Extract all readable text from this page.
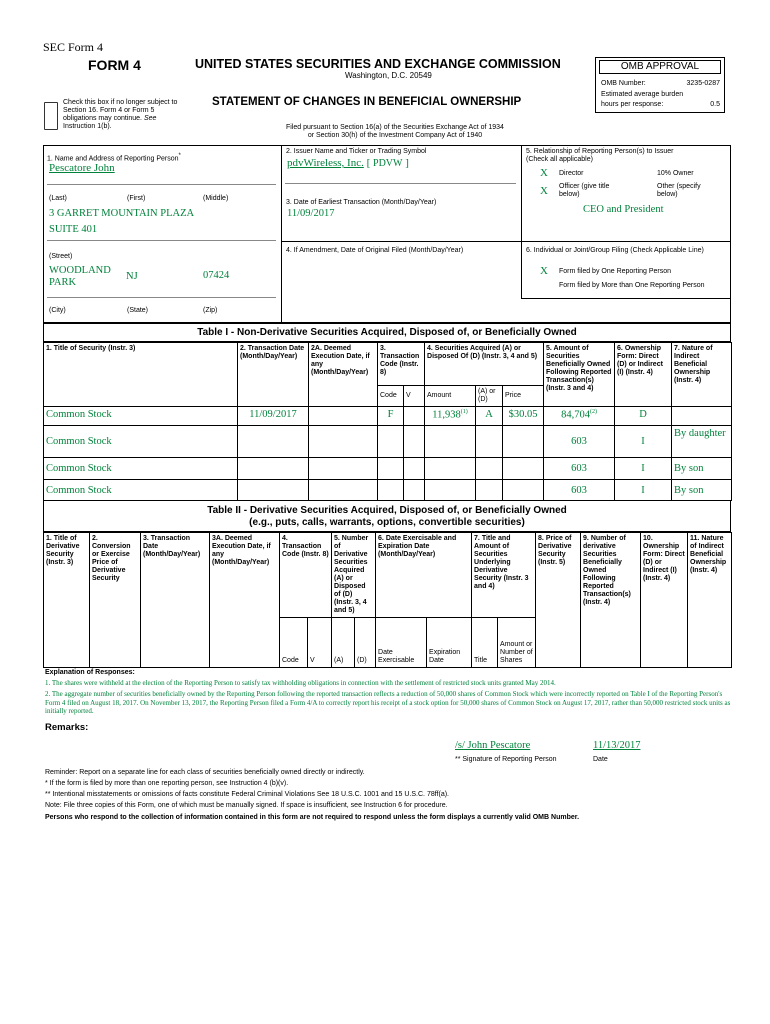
SEC Form 4
FORM 4	UNITED STATES SECURITIES AND EXCHANGE COMMISSION
Washington, D.C. 20549
Check this box if no longer subject to Section 16. Form 4 or Form 5 obligations may continue. See Instruction 1(b).
STATEMENT OF CHANGES IN BENEFICIAL OWNERSHIP
Filed pursuant to Section 16(a) of the Securities Exchange Act of 1934
or Section 30(h) of the Investment Company Act of 1940
OMB APPROVAL
OMB Number:	3235-0287
Estimated average burden
hours per response:	0.5
1. Name and Address of Reporting Person*
Pescatore John
(Last)	(First)	(Middle)
3 GARRET MOUNTAIN PLAZA
SUITE 401
(Street)
WOODLAND PARK
NJ	07424
(City)	(State)	(Zip)
2. Issuer Name and Ticker or Trading Symbol
pdvWireless, Inc. [ PDVW ]
3. Date of Earliest Transaction (Month/Day/Year)
11/09/2017
4. If Amendment, Date of Original Filed (Month/Day/Year)
5. Relationship of Reporting Person(s) to Issuer
(Check all applicable)
X Director	10% Owner
X Officer (give title below)
Other (specify below)
CEO and President
6. Individual or Joint/Group Filing (Check Applicable Line)
X Form filed by One Reporting Person
Form filed by More than One Reporting Person
Table I - Non-Derivative Securities Acquired, Disposed of, or Beneficially Owned
1. Title of Security (Instr. 3)	2. Transaction Date (Month/Day/Year)	2A. Deemed Execution Date, if any (Month/Day/Year)	3. Transaction Code (Instr. 8)		4. Securities Acquired (A) or Disposed Of (D) (Instr. 3, 4 and 5)			5. Amount of Securities Beneficially Owned Following Reported Transaction(s) (Instr. 3 and 4)	6. Ownership Form: Direct (D) or Indirect (I) (Instr. 4)	7. Nature of Indirect Beneficial Ownership (Instr. 4)
			Code	V	Amount	(A) or (D)	Price			
Common Stock	11/09/2017		F		11,938$^{(1)}$	A	$30.05	84,704$^{(2)}$	D	
Common Stock								603	I	By daughter
Common Stock								603	I	By son
Common Stock								603	I	By son
Table II - Derivative Securities Acquired, Disposed of, or Beneficially Owned
(e.g., puts, calls, warrants, options, convertible securities)
1. Title of Derivative Security (Instr. 3)	2. Conversion or Exercise Price of Derivative Security	3. Transaction Date (Month/Day/Year)	3A. Deemed Execution Date, if any (Month/Day/Year)	4. Transaction Code (Instr. 8)		5. Number of Derivative Securities Acquired (A) or Disposed of (D) (Instr. 3, 4 and 5)		6. Date Exercisable and Expiration Date (Month/Day/Year)		7. Title and Amount of Securities Underlying Derivative Security (Instr. 3 and 4)		8. Price of Derivative Security (Instr. 5)	9. Number of derivative Securities Beneficially Owned Following Reported Transaction(s) (Instr. 4)	10. Ownership Form: Direct (D) or Indirect (I) (Instr. 4)	11. Nature of Indirect Beneficial Ownership (Instr. 4)
				Code	V	(A)	(D)	Date Exercisable	Expiration Date	Title	Amount or Number of Shares				
Explanation of Responses:
1. The shares were withheld at the election of the Reporting Person to satisfy tax withholding obligations in connection with the settlement of restricted stock units granted May 2014.
2. The aggregate number of securities beneficially owned by the Reporting Person following the reported transaction reflects a reduction of 50,000 shares of Common Stock which were incorrectly reported on Table I of the Reporting Person's Form 4 filed on August 18, 2017. On November 13, 2017, the Reporting Person filed a Form 4/A to correctly report his receipt of a stock option for 50,000 shares of Common Stock on August 17, 2017, rather than 50,000 restricted stock units as initially reported.
Remarks:
/s/ John Pescatore	11/13/2017
** Signature of Reporting Person	Date
Reminder: Report on a separate line for each class of securities beneficially owned directly or indirectly.
* If the form is filed by more than one reporting person, see Instruction 4 (b)(v).
** Intentional misstatements or omissions of facts constitute Federal Criminal Violations See 18 U.S.C. 1001 and 15 U.S.C. 78ff(a).
Note: File three copies of this Form, one of which must be manually signed. If space is insufficient, see Instruction 6 for procedure.
Persons who respond to the collection of information contained in this form are not required to respond unless the form displays a currently valid OMB Number.
